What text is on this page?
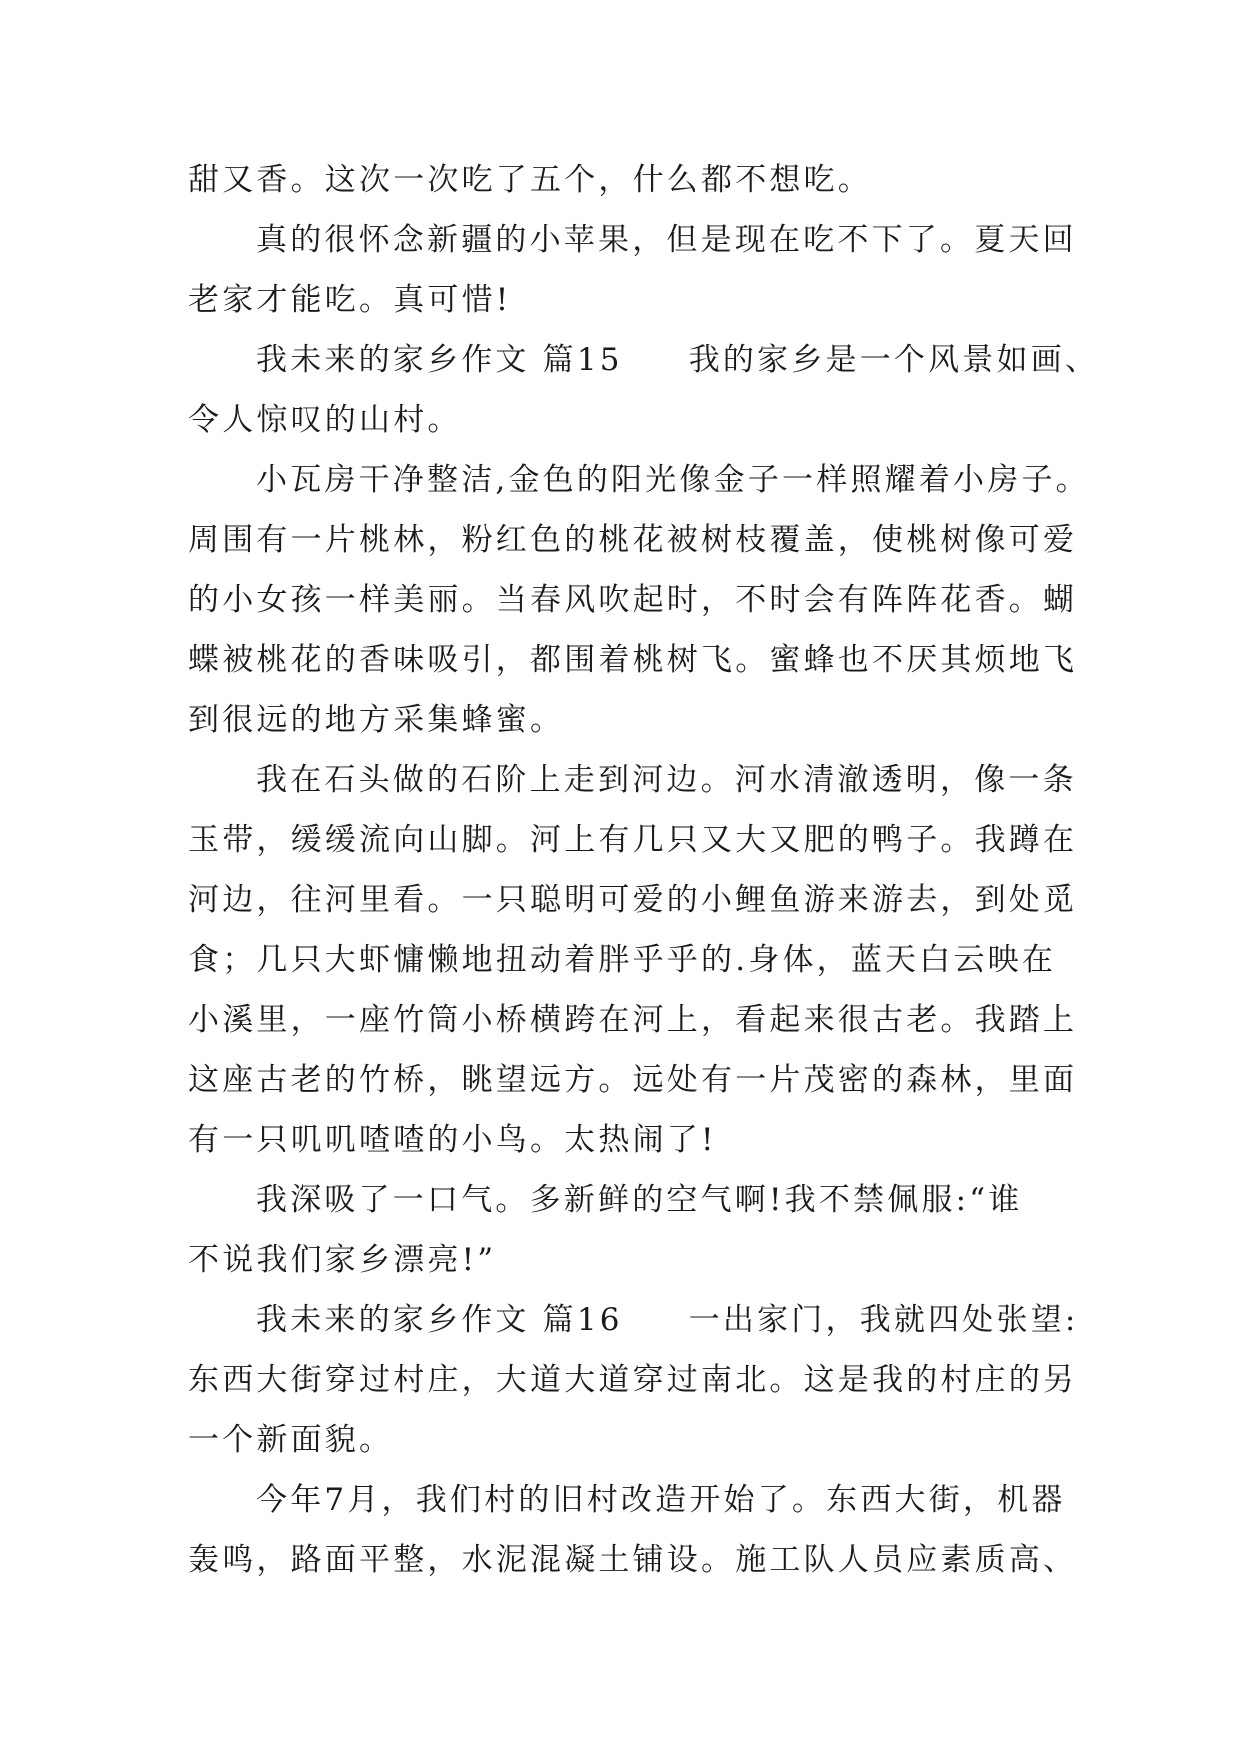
甜又香。这次一次吃了五个，什么都不想吃。
真的很怀念新疆的小苹果，但是现在吃不下了。夏天回
老家才能吃。真可惜!
我未来的家乡作文 篇15 我的家乡是一个风景如画、
令人惊叹的山村。
小瓦房干净整洁,金色的阳光像金子一样照耀着小房子。
周围有一片桃林，粉红色的桃花被树枝覆盖，使桃树像可爱
的小女孩一样美丽。当春风吹起时，不时会有阵阵花香。蝴
蝶被桃花的香味吸引，都围着桃树飞。蜜蜂也不厌其烦地飞
到很远的地方采集蜂蜜。
我在石头做的石阶上走到河边。河水清澈透明，像一条
玉带，缓缓流向山脚。河上有几只又大又肥的鸭子。我蹲在
河边，往河里看。一只聪明可爱的小鲤鱼游来游去，到处觅
食；几只大虾慵懒地扭动着胖乎乎的.身体，蓝天白云映在
小溪里，一座竹筒小桥横跨在河上，看起来很古老。我踏上
这座古老的竹桥，眺望远方。远处有一片茂密的森林，里面
有一只叽叽喳喳的小鸟。太热闹了!
我深吸了一口气。多新鲜的空气啊!我不禁佩服:“谁
不说我们家乡漂亮!”
我未来的家乡作文 篇16 一出家门，我就四处张望:
东西大街穿过村庄，大道大道穿过南北。这是我的村庄的另
一个新面貌。
今年7月，我们村的旧村改造开始了。东西大街，机器
轰鸣，路面平整，水泥混凝土铺设。施工队人员应素质高、
